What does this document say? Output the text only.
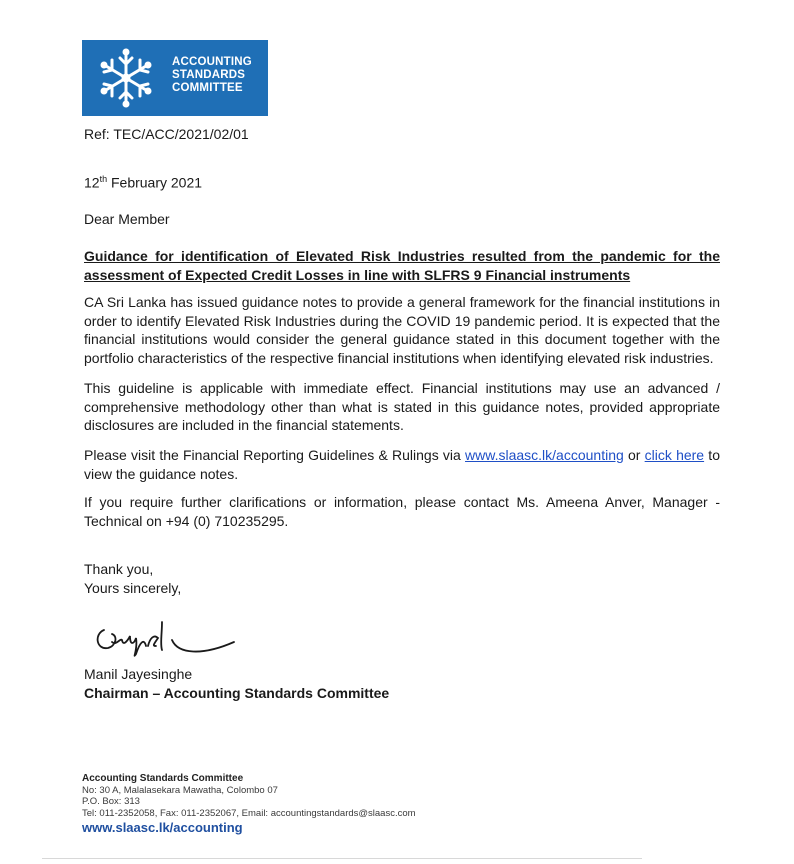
ACCOUNTING
STANDARDS
COMMITTEE
Ref: TEC/ACC/2021/02/01
12th February 2021
Dear Member

Guidance for identification of Elevated Risk Industries resulted from the pandemic for the assessment of Expected Credit Losses in line with SLFRS 9 Financial instruments

CA Sri Lanka has issued guidance notes to provide a general framework for the financial institutions in order to identify Elevated Risk Industries during the COVID 19 pandemic period. It is expected that the financial institutions would consider the general guidance stated in this document together with the portfolio characteristics of the respective financial institutions when identifying elevated risk industries.

This guideline is applicable with immediate effect. Financial institutions may use an advanced / comprehensive methodology other than what is stated in this guidance notes, provided appropriate disclosures are included in the financial statements.

Please visit the Financial Reporting Guidelines & Rulings via www.slaasc.lk/accounting or click here to view the guidance notes.

If you require further clarifications or information, please contact Ms. Ameena Anver, Manager - Technical on +94 (0) 710235295.

Thank you,
Yours sincerely,
Manil Jayesinghe
Chairman – Accounting Standards Committee
Accounting Standards Committee
No: 30 A, Malalasekara Mawatha, Colombo 07
P.O. Box: 313
Tel: 011-2352058, Fax: 011-2352067, Email: accountingstandards@slaasc.com
www.slaasc.lk/accounting
